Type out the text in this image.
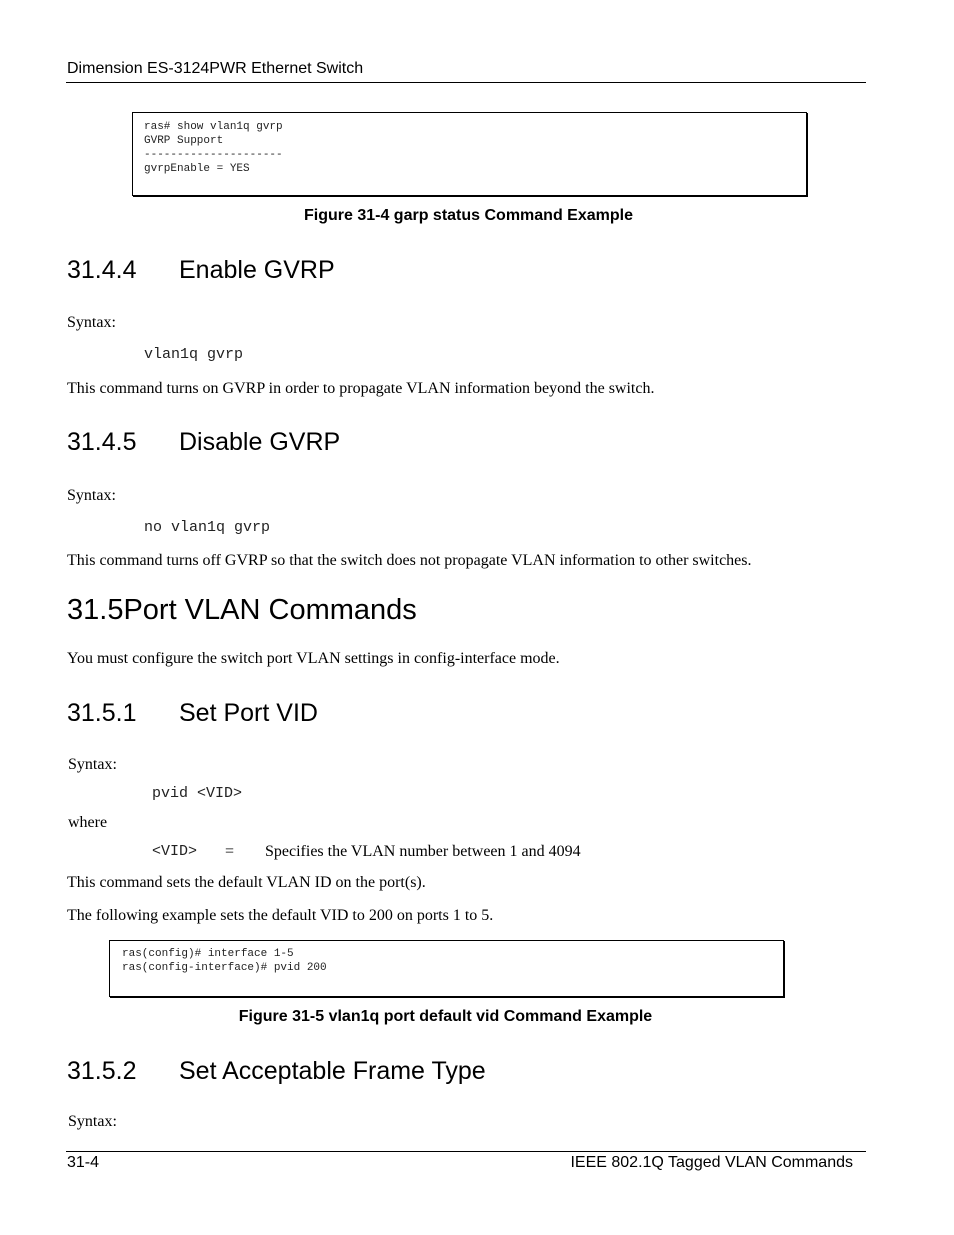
Dimension ES-3124PWR Ethernet Switch
ras# show vlan1q gvrp
GVRP Support
---------------------
gvrpEnable = YES
Figure 31-4 garp status Command Example

31.4.4

Enable GVRP

Syntax:
vlan1q gvrp
This command turns on GVRP in order to propagate VLAN information beyond the switch.

31.4.5

Disable GVRP

Syntax:
no vlan1q gvrp
This command turns off GVRP so that the switch does not propagate VLAN information to other switches.
31.5Port VLAN Commands
You must configure the switch port VLAN settings in config-interface mode.

31.5.1

Set Port VID

Syntax:
pvid <VID>
where
<VID> = Specifies the VLAN number between 1 and 4094
This command sets the default VLAN ID on the port(s).
The following example sets the default VID to 200 on ports 1 to 5.
ras(config)# interface 1-5
ras(config-interface)# pvid 200
Figure 31-5 vlan1q port default vid Command Example

31.5.2

Set Acceptable Frame Type

Syntax:
31-4	IEEE 802.1Q Tagged VLAN Commands
